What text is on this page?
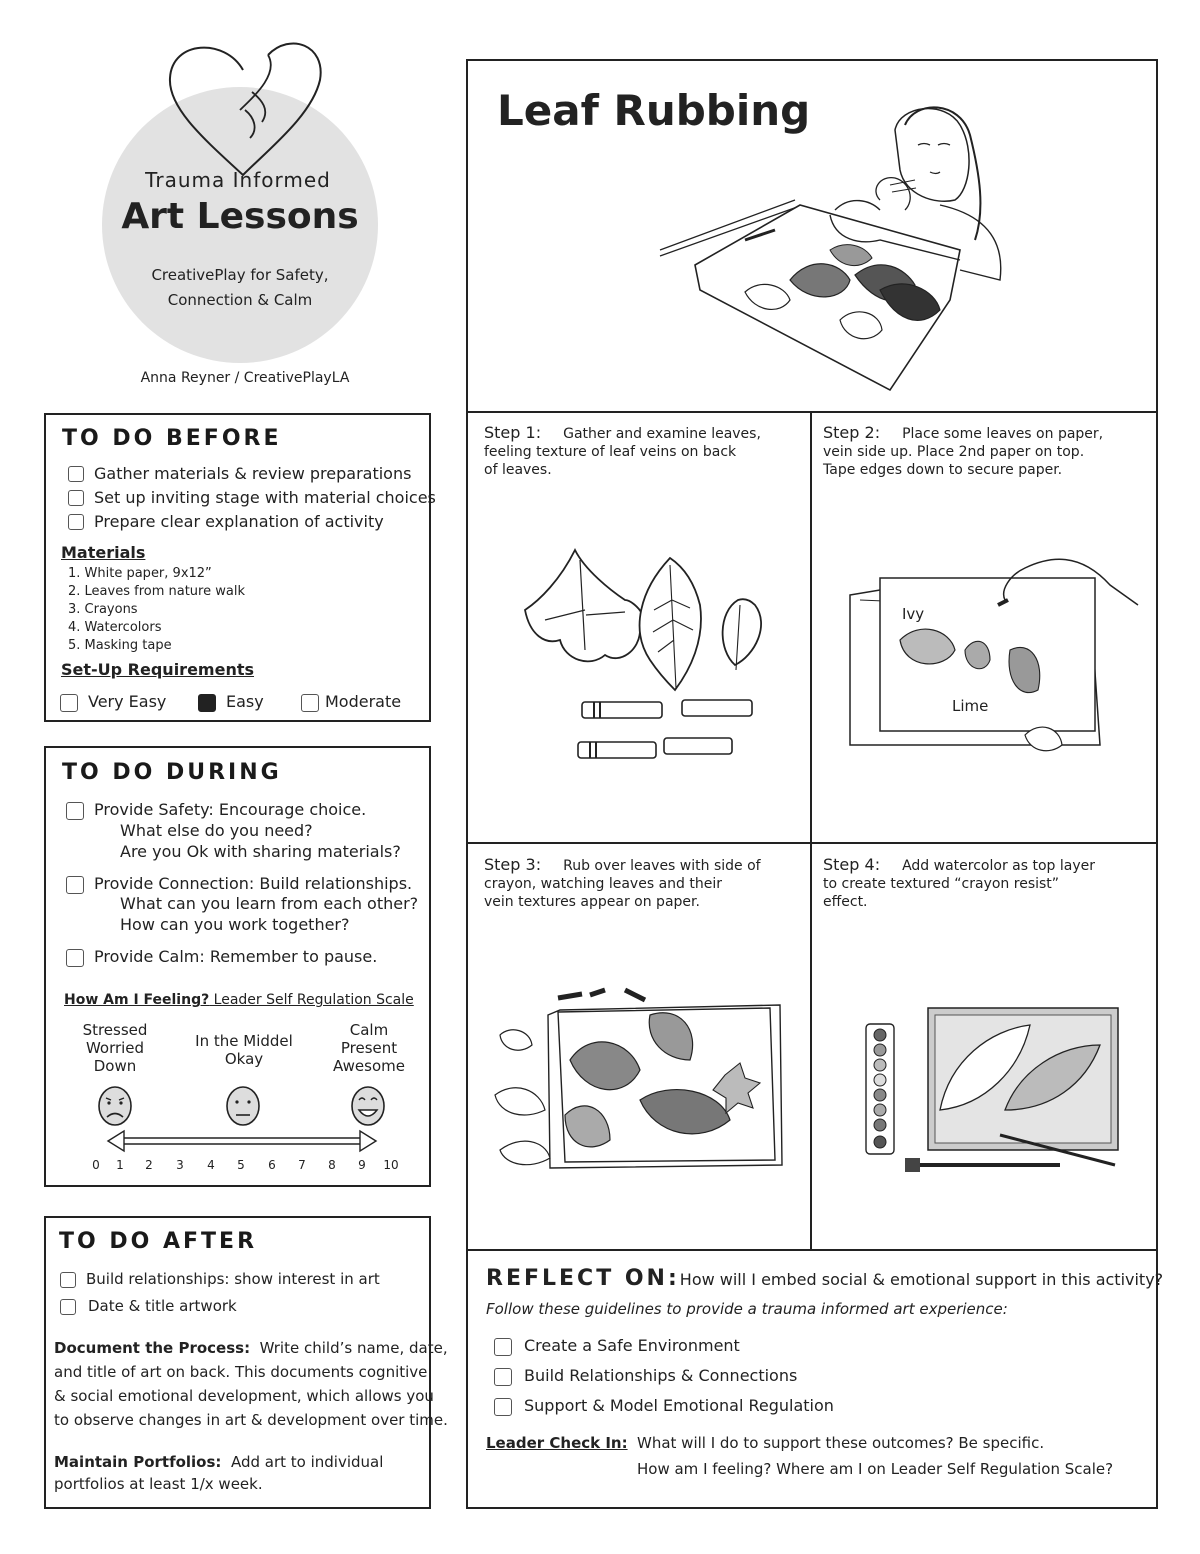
Trauma Informed
Art Lessons
CreativePlay for Safety,
Connection & Calm
Anna Reyner / CreativePlayLA
TO DO BEFORE
Gather materials & review preparations
Set up inviting stage with material choices
Prepare clear explanation of activity
Materials
1. White paper, 9x12”
2. Leaves from nature walk
3. Crayons
4. Watercolors
5. Masking tape
Set-Up Requirements
Very Easy	Easy	Moderate
TO DO DURING
Provide Safety: Encourage choice.
What else do you need?
Are you Ok with sharing materials?
Provide Connection: Build relationships.
What can you learn from each other?
How can you work together?
Provide Calm: Remember to pause.
How Am I Feeling? Leader Self Regulation Scale
Stressed
Worried
Down
In the Middel
Okay
Calm
Present
Awesome
0	1	2	3	4	5	6	7	8	9	10
TO DO AFTER
Build relationships: show interest in art
Date & title artwork
Document the Process: Write child’s name, date,
and title of art on back. This documents cognitive
& social emotional development, which allows you
to observe changes in art & development over time.
Maintain Portfolios: Add art to individual
portfolios at least 1/x week.
Leaf Rubbing
Step 1: Gather and examine leaves,
feeling texture of leaf veins on back
of leaves.
Step 2: Place some leaves on paper,
vein side up. Place 2nd paper on top.
Tape edges down to secure paper.
Step 3: Rub over leaves with side of
crayon, watching leaves and their
vein textures appear on paper.
Step 4: Add watercolor as top layer
to create textured “crayon resist”
effect.
Ivy
Lime
REFLECT ON:How will I embed social & emotional support in this activity?
Follow these guidelines to provide a trauma informed art experience:
Create a Safe Environment
Build Relationships & Connections
Support & Model Emotional Regulation
Leader Check In: What will I do to support these outcomes? Be specific.
How am I feeling? Where am I on Leader Self Regulation Scale?
